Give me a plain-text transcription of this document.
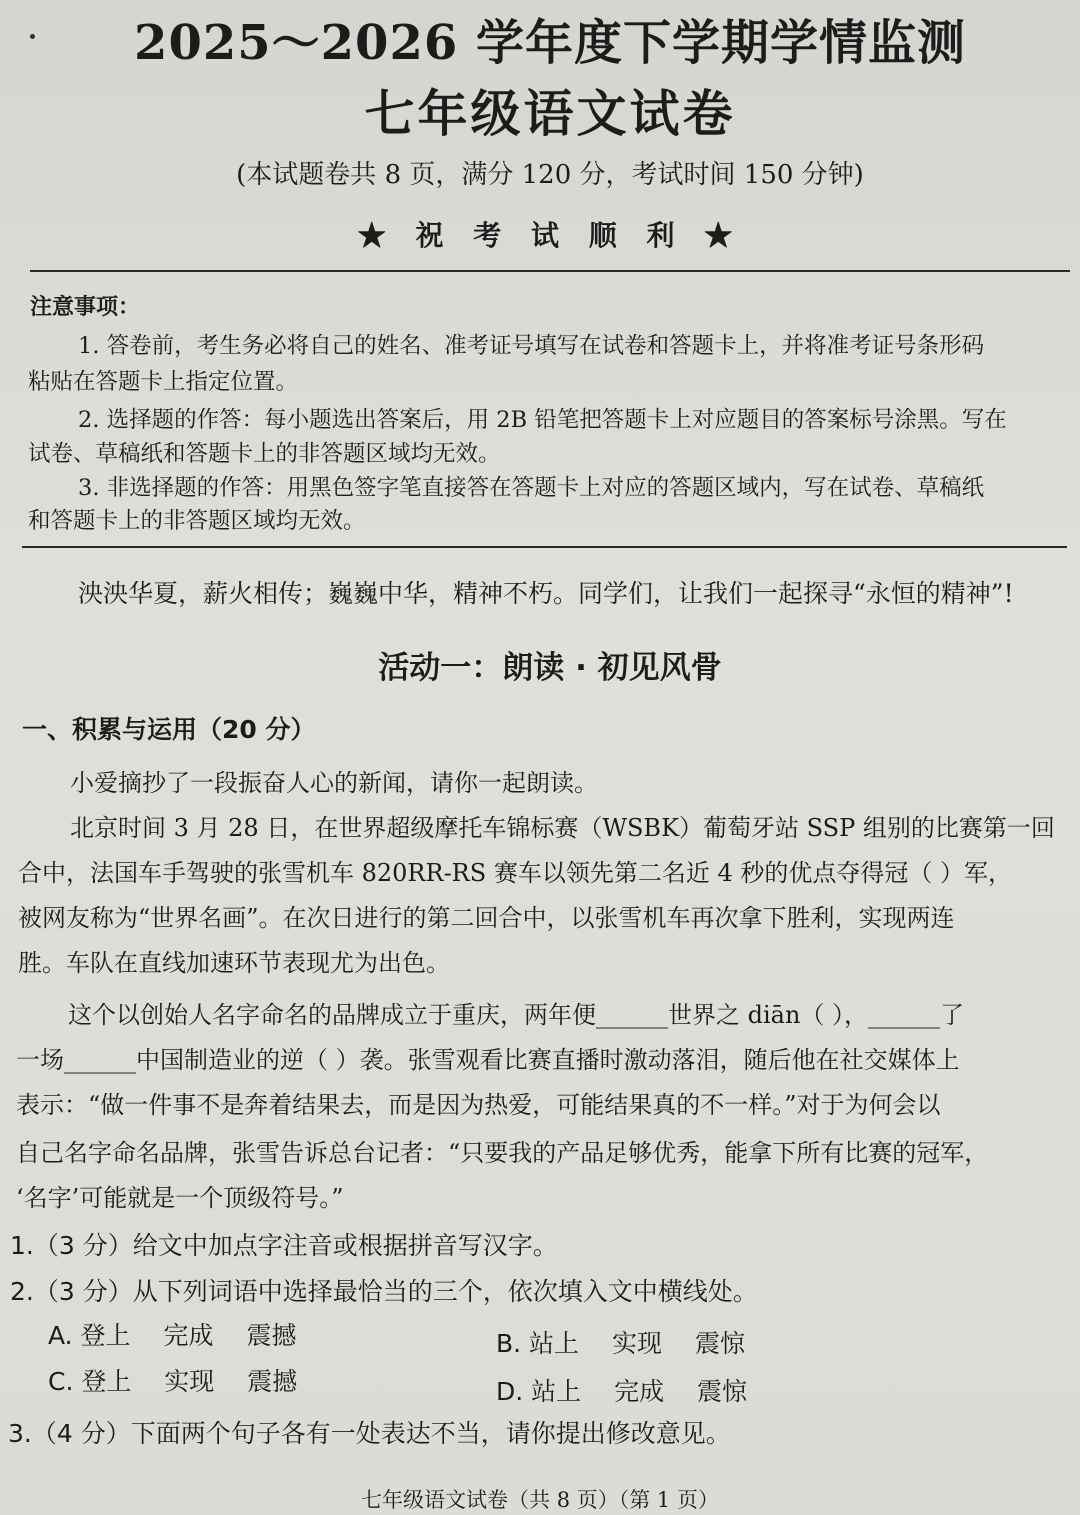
2025～2026 学年度下学期学情监测
七年级语文试卷
(本试题卷共 8 页，满分 120 分，考试时间 150 分钟)
★ 祝 考 试 顺 利 ★
注意事项：
1. 答卷前，考生务必将自己的姓名、准考证号填写在试卷和答题卡上，并将准考证号条形码
粘贴在答题卡上指定位置。
2. 选择题的作答：每小题选出答案后，用 2B 铅笔把答题卡上对应题目的答案标号涂黑。写在
试卷、草稿纸和答题卡上的非答题区域均无效。
3. 非选择题的作答：用黑色签字笔直接答在答题卡上对应的答题区域内，写在试卷、草稿纸
和答题卡上的非答题区域均无效。
泱泱华夏，薪火相传；巍巍中华，精神不朽。同学们，让我们一起探寻“永恒的精神”!
活动一：朗读 · 初见风骨
一、积累与运用（20 分）
小爱摘抄了一段振奋人心的新闻，请你一起朗读。
北京时间 3 月 28 日，在世界超级摩托车锦标赛（WSBK）葡萄牙站 SSP 组别的比赛第一回
合中，法国车手驾驶的张雪机车 820RR-RS 赛车以领先第二名近 4 秒的优点夺得冠（ ）军，
被网友称为“世界名画”。在次日进行的第二回合中，以张雪机车再次拿下胜利，实现两连
胜。车队在直线加速环节表现尤为出色。
这个以创始人名字命名的品牌成立于重庆，两年便______世界之 diān（ ），______了
一场______中国制造业的逆（ ）袭。张雪观看比赛直播时激动落泪，随后他在社交媒体上
表示：“做一件事不是奔着结果去，而是因为热爱，可能结果真的不一样。”对于为何会以
自己名字命名品牌，张雪告诉总台记者：“只要我的产品足够优秀，能拿下所有比赛的冠军，
‘名字’可能就是一个顶级符号。”
1.（3 分）给文中加点字注音或根据拼音写汉字。
2.（3 分）从下列词语中选择最恰当的三个，依次填入文中横线处。
A. 登上　 完成　 震撼	B. 站上　 实现　 震惊
C. 登上　 实现　 震撼	D. 站上　 完成　 震惊
3.（4 分）下面两个句子各有一处表达不当，请你提出修改意见。
七年级语文试卷（共 8 页）（第 1 页）
